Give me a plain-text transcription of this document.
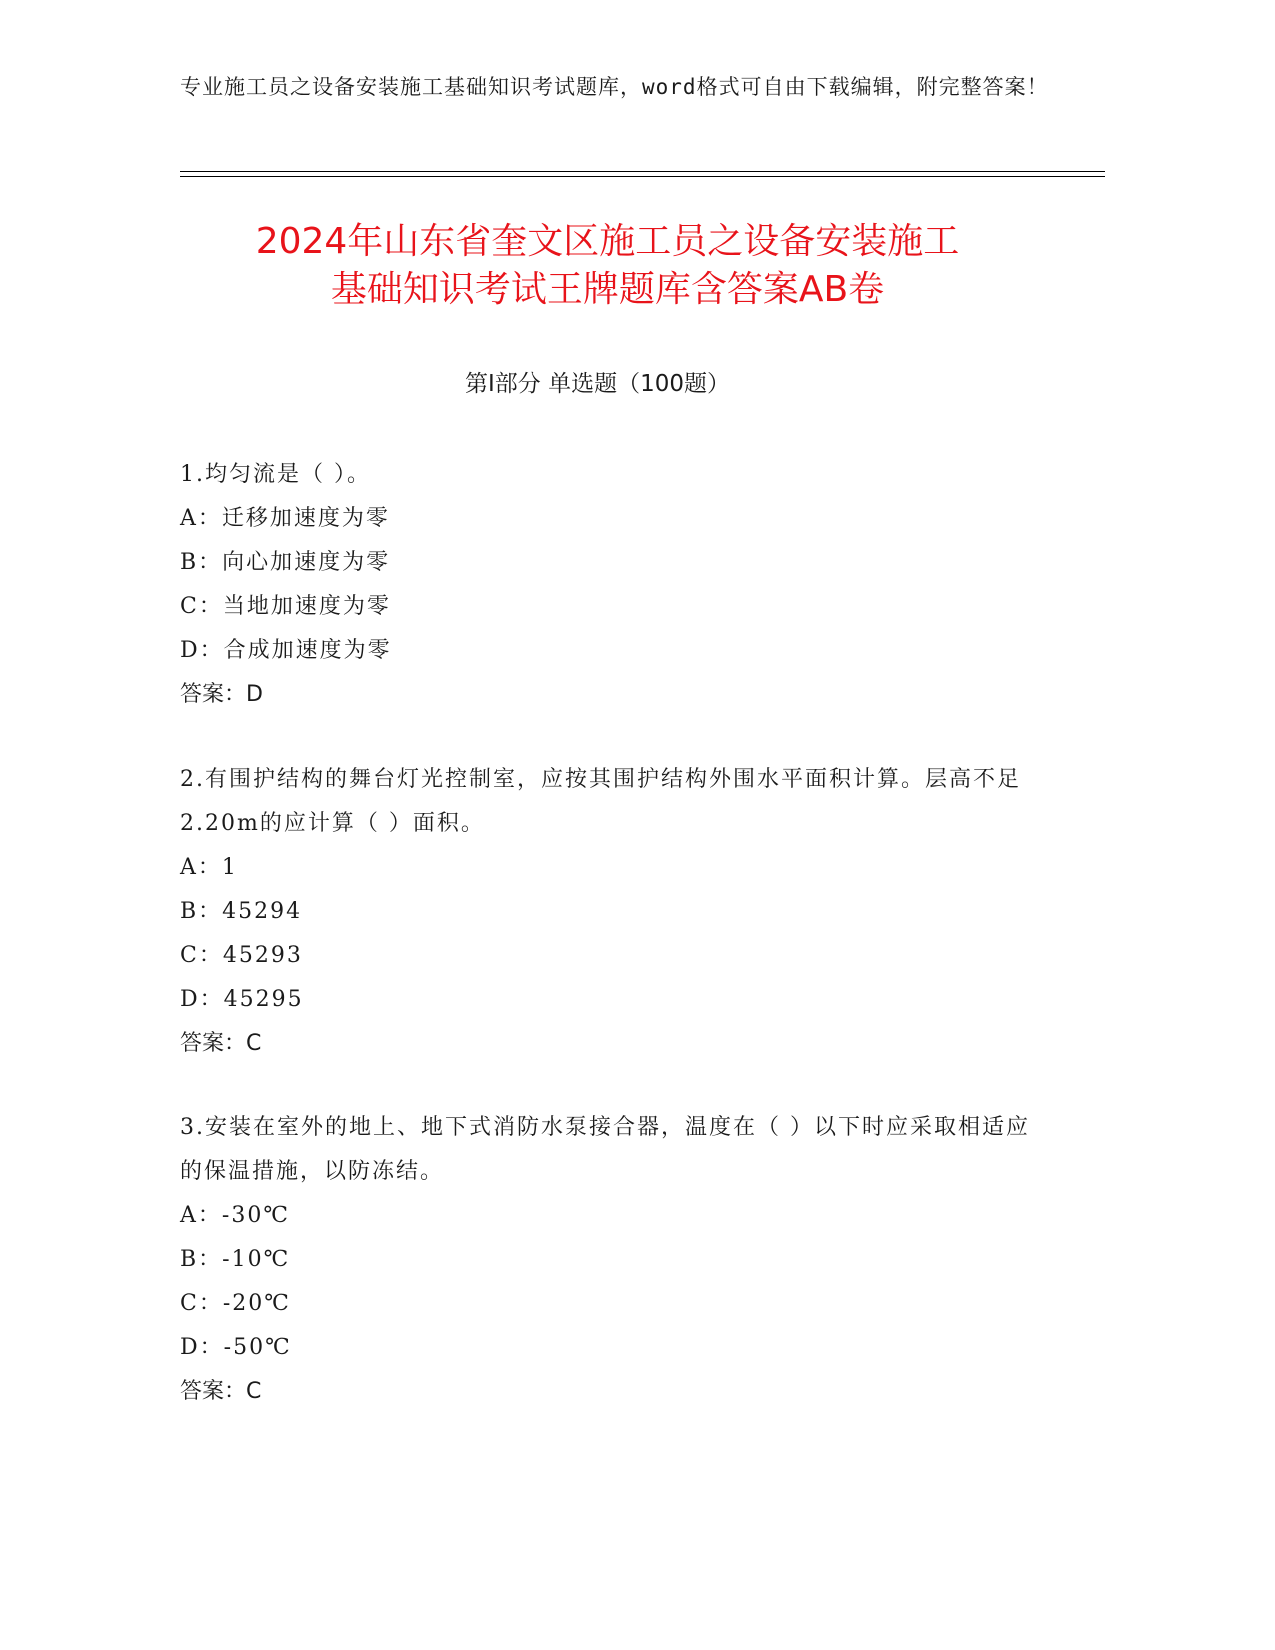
专业施工员之设备安装施工基础知识考试题库，word格式可自由下载编辑，附完整答案！
2024年山东省奎文区施工员之设备安装施工
基础知识考试王牌题库含答案AB卷
第Ⅰ部分 单选题（100题）

1.均匀流是（ ）。

A：迁移加速度为零

B：向心加速度为零

C：当地加速度为零

D：合成加速度为零

答案：D

2.有围护结构的舞台灯光控制室，应按其围护结构外围水平面积计算。层高不足2.20m的应计算（ ）面积。

A：1

B：45294

C：45293

D：45295

答案：C

3.安装在室外的地上、地下式消防水泵接合器，温度在（ ）以下时应采取相适应的保温措施，以防冻结。

A：-30℃

B：-10℃

C：-20℃

D：-50℃

答案：C
